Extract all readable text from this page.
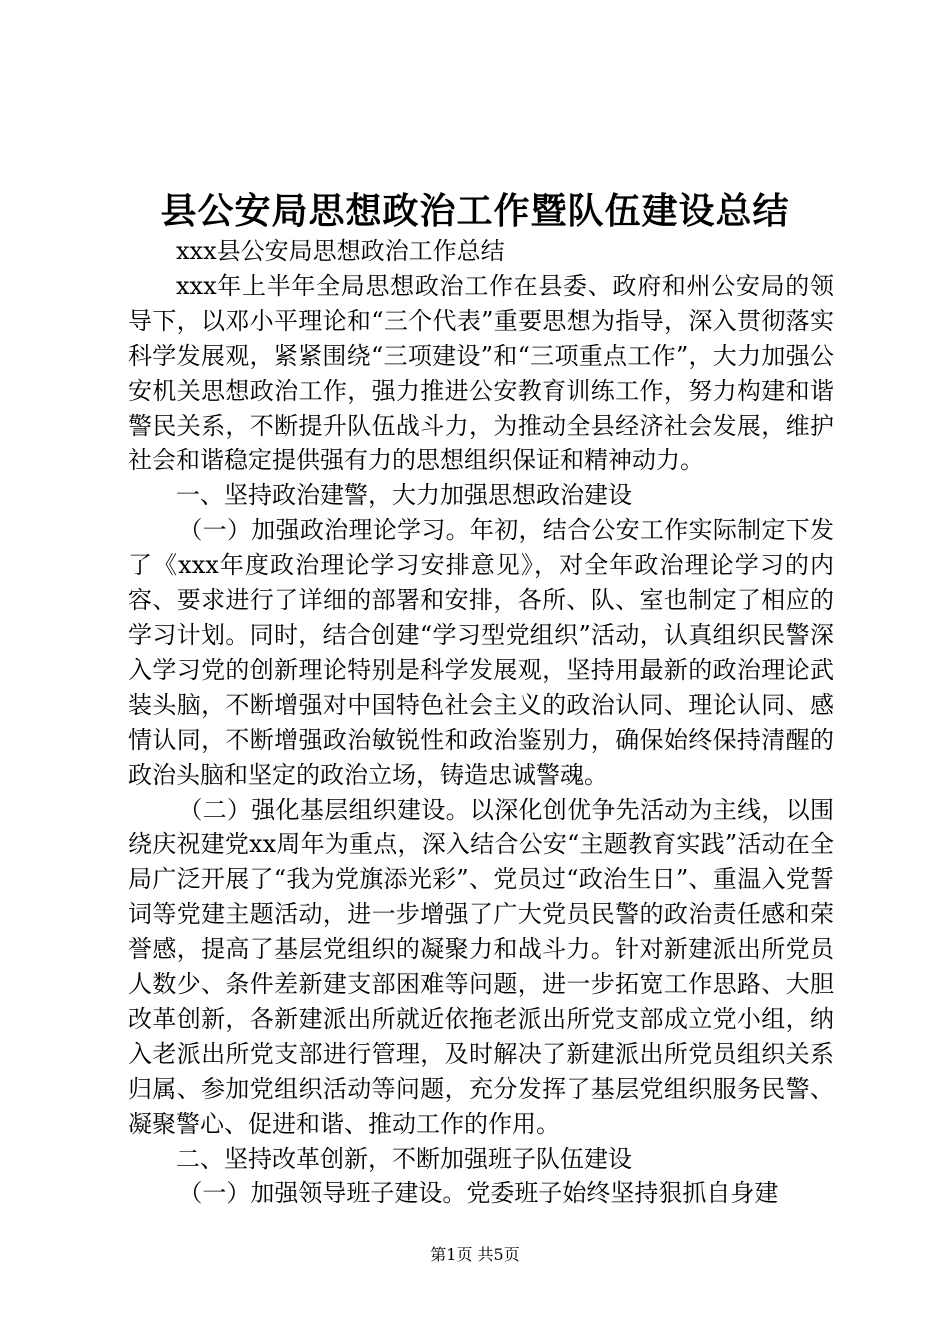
县公安局思想政治工作暨队伍建设总结

xxx县公安局思想政治工作总结

xxx年上半年全局思想政治工作在县委、政府和州公安局的领导下，以邓小平理论和“三个代表”重要思想为指导，深入贯彻落实科学发展观，紧紧围绕“三项建设”和“三项重点工作”，大力加强公安机关思想政治工作，强力推进公安教育训练工作，努力构建和谐警民关系，不断提升队伍战斗力，为推动全县经济社会发展，维护社会和谐稳定提供强有力的思想组织保证和精神动力。

一、坚持政治建警，大力加强思想政治建设

（一）加强政治理论学习。年初，结合公安工作实际制定下发了《xxx年度政治理论学习安排意见》，对全年政治理论学习的内容、要求进行了详细的部署和安排，各所、队、室也制定了相应的学习计划。同时，结合创建“学习型党组织”活动，认真组织民警深入学习党的创新理论特别是科学发展观，坚持用最新的政治理论武装头脑，不断增强对中国特色社会主义的政治认同、理论认同、感情认同，不断增强政治敏锐性和政治鉴别力，确保始终保持清醒的政治头脑和坚定的政治立场，铸造忠诚警魂。

（二）强化基层组织建设。以深化创优争先活动为主线，以围绕庆祝建党xx周年为重点，深入结合公安“主题教育实践”活动在全局广泛开展了“我为党旗添光彩”、党员过“政治生日”、重温入党誓词等党建主题活动，进一步增强了广大党员民警的政治责任感和荣誉感，提高了基层党组织的凝聚力和战斗力。针对新建派出所党员人数少、条件差新建支部困难等问题，进一步拓宽工作思路、大胆改革创新，各新建派出所就近依拖老派出所党支部成立党小组，纳入老派出所党支部进行管理，及时解决了新建派出所党员组织关系归属、参加党组织活动等问题，充分发挥了基层党组织服务民警、凝聚警心、促进和谐、推动工作的作用。

二、坚持改革创新，不断加强班子队伍建设

（一）加强领导班子建设。党委班子始终坚持狠抓自身建

第1页 共5页
